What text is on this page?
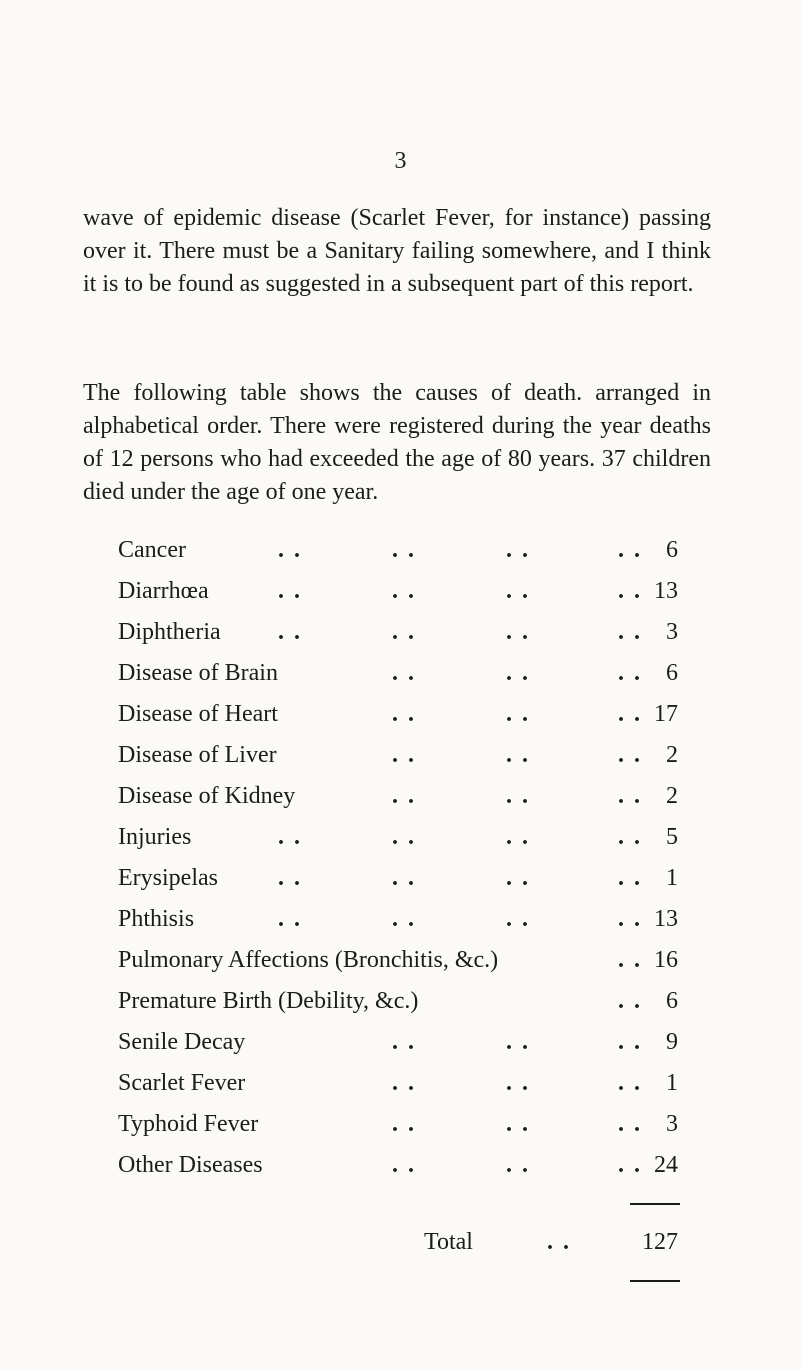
3

wave of epidemic disease (Scarlet Fever, for instance) passing over it. There must be a Sanitary failing somewhere, and I think it is to be found as suggested in a subsequent part of this report.

The following table shows the causes of death. arranged in alphabetical order. There were registered during the year deaths of 12 persons who had exceeded the age of 80 years. 37 children died under the age of one year.

Cancer	. .	. .	. .	. . 6
Diarrhœa	. .	. .	. .	. . 13
Diphtheria . .	. .	. .	. . 3
Disease of Brain	. .	. .	. . 6
Disease of Heart	. .	. .	. . 17
Disease of Liver	. .	. .	. . 2
Disease of Kidney	. .	. .	. . 2
Injuries	. .	. .	. .	. . 5
Erysipelas	. .	. .	. .	. . 1
Phthisis	. .	. .	. .	. . 13
Pulmonary Affections (Bronchitis, &c.)	. . 16
Premature Birth (Debility, &c.)	. . 6
Senile Decay	. .	. .	. . 9
Scarlet Fever	. .	. .	. . 1
Typhoid Fever	. .	. .	. . 3
Other Diseases	. .	. .	. . 24
Total	. .	127
